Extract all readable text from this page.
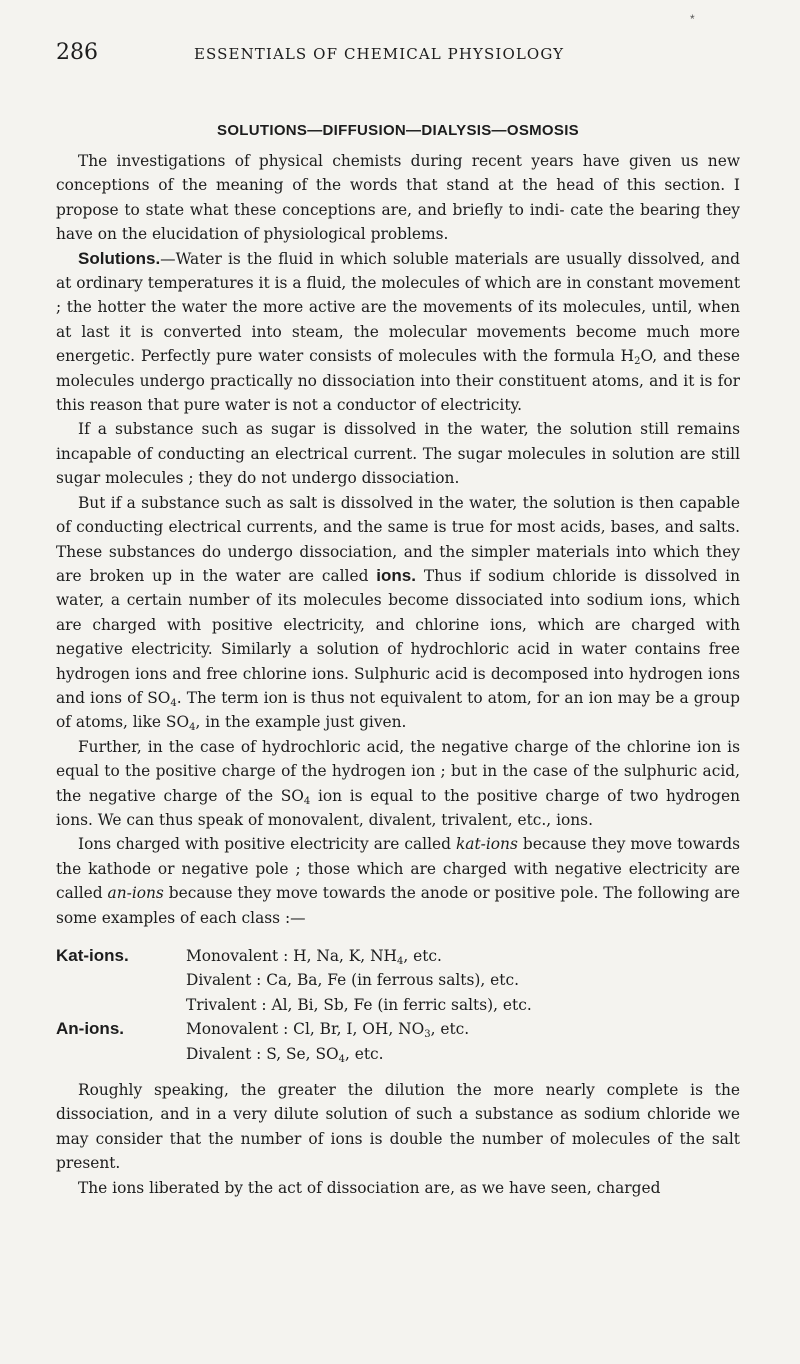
*
286	ESSENTIALS OF CHEMICAL PHYSIOLOGY
SOLUTIONS—DIFFUSION—DIALYSIS—OSMOSIS

The investigations of physical chemists during recent years have given us new conceptions of the meaning of the words that stand at the head of this section. I propose to state what these conceptions are, and briefly to indi- cate the bearing they have on the elucidation of physiological problems.

Solutions.—Water is the fluid in which soluble materials are usually dissolved, and at ordinary temperatures it is a fluid, the molecules of which are in constant movement ; the hotter the water the more active are the movements of its molecules, until, when at last it is converted into steam, the molecular movements become much more energetic. Perfectly pure water consists of molecules with the formula $H_2O$, and these molecules undergo practically no dissociation into their constituent atoms, and it is for this reason that pure water is not a conductor of electricity.

If a substance such as sugar is dissolved in the water, the solution still remains incapable of conducting an electrical current. The sugar molecules in solution are still sugar molecules ; they do not undergo dissociation.

But if a substance such as salt is dissolved in the water, the solution is then capable of conducting electrical currents, and the same is true for most acids, bases, and salts. These substances do undergo dissociation, and the simpler materials into which they are broken up in the water are called ions. Thus if sodium chloride is dissolved in water, a certain number of its molecules become dissociated into sodium ions, which are charged with positive electricity, and chlorine ions, which are charged with negative electricity. Similarly a solution of hydrochloric acid in water contains free hydrogen ions and free chlorine ions. Sulphuric acid is decomposed into hydrogen ions and ions of $SO_4$. The term ion is thus not equivalent to atom, for an ion may be a group of atoms, like $SO_4$, in the example just given.

Further, in the case of hydrochloric acid, the negative charge of the chlorine ion is equal to the positive charge of the hydrogen ion ; but in the case of the sulphuric acid, the negative charge of the $SO_4$ ion is equal to the positive charge of two hydrogen ions. We can thus speak of monovalent, divalent, trivalent, etc., ions.

Ions charged with positive electricity are called kat-ions because they move towards the kathode or negative pole ; those which are charged with negative electricity are called an-ions because they move towards the anode or positive pole. The following are some examples of each class :—

Kat-ions.	Monovalent : H, Na, K, $NH_4$, etc.
Divalent : Ca, Ba, Fe (in ferrous salts), etc.
Trivalent : Al, Bi, Sb, Fe (in ferric salts), etc.
An-ions.	Monovalent : Cl, Br, I, OH, $NO_3$, etc.
Divalent : S, Se, $SO_4$, etc.

Roughly speaking, the greater the dilution the more nearly complete is the dissociation, and in a very dilute solution of such a substance as sodium chloride we may consider that the number of ions is double the number of molecules of the salt present.

The ions liberated by the act of dissociation are, as we have seen, charged
